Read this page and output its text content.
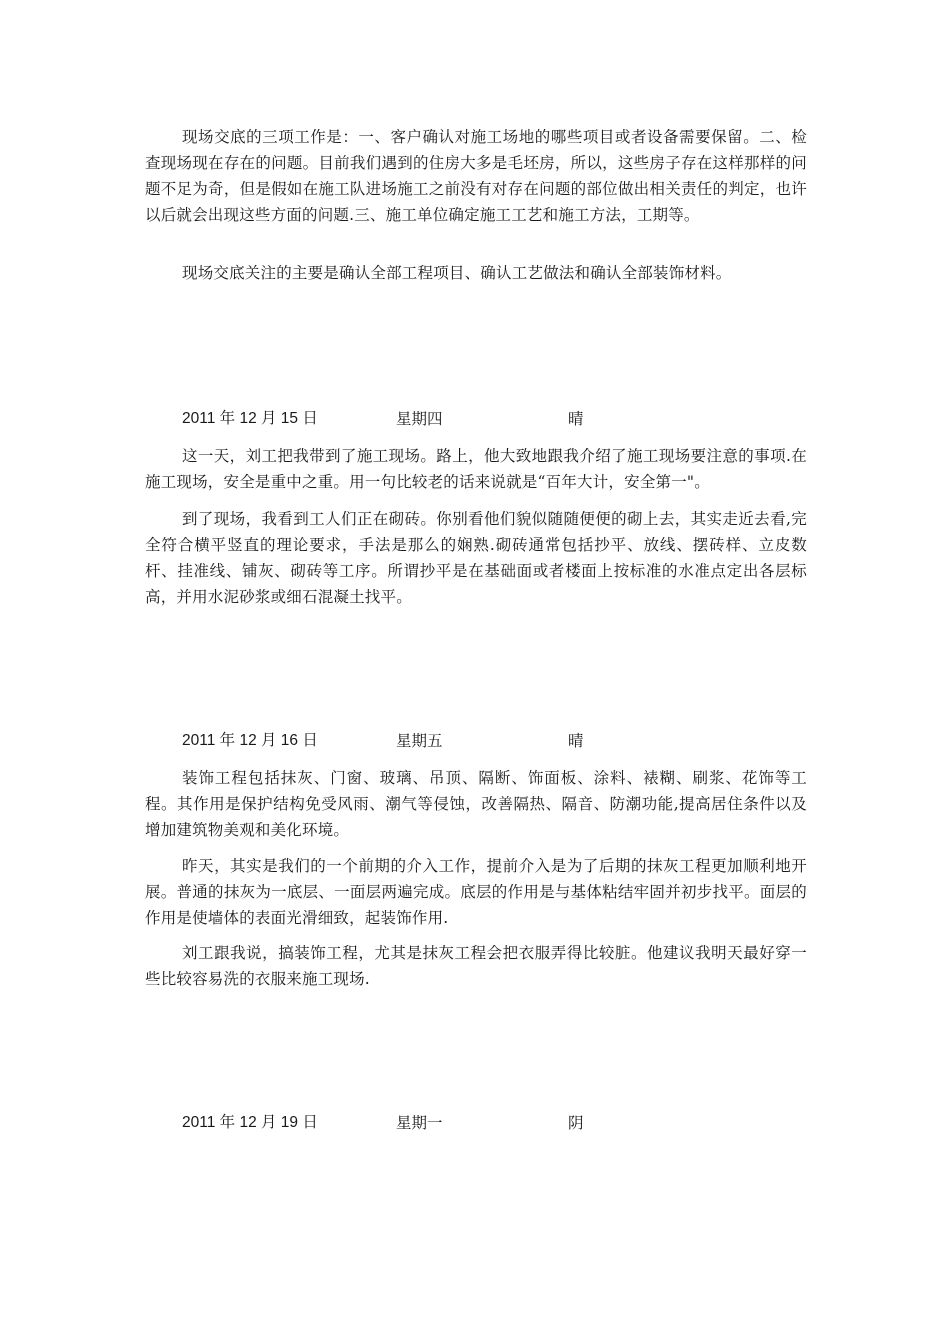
现场交底的三项工作是：一、客户确认对施工场地的哪些项目或者设备需要保留。二、检查现场现在存在的问题。目前我们遇到的住房大多是毛坯房，所以，这些房子存在这样那样的问题不足为奇，但是假如在施工队进场施工之前没有对存在问题的部位做出相关责任的判定，也许以后就会出现这些方面的问题.三、施工单位确定施工工艺和施工方法，工期等。

现场交底关注的主要是确认全部工程项目、确认工艺做法和确认全部装饰材料。

2011 年 12 月 15 日	星期四	晴

这一天，刘工把我带到了施工现场。路上，他大致地跟我介绍了施工现场要注意的事项.在施工现场，安全是重中之重。用一句比较老的话来说就是“百年大计，安全第一"。

到了现场，我看到工人们正在砌砖。你别看他们貌似随随便便的砌上去，其实走近去看,完全符合横平竖直的理论要求，手法是那么的娴熟.砌砖通常包括抄平、放线、摆砖样、立皮数杆、挂准线、铺灰、砌砖等工序。所谓抄平是在基础面或者楼面上按标准的水准点定出各层标高，并用水泥砂浆或细石混凝土找平。

2011 年 12 月 16 日	星期五	晴

装饰工程包括抹灰、门窗、玻璃、吊顶、隔断、饰面板、涂料、裱糊、刷浆、花饰等工程。其作用是保护结构免受风雨、潮气等侵蚀，改善隔热、隔音、防潮功能,提高居住条件以及增加建筑物美观和美化环境。

昨天，其实是我们的一个前期的介入工作，提前介入是为了后期的抹灰工程更加顺利地开展。普通的抹灰为一底层、一面层两遍完成。底层的作用是与基体粘结牢固并初步找平。面层的作用是使墙体的表面光滑细致，起装饰作用.

刘工跟我说，搞装饰工程，尤其是抹灰工程会把衣服弄得比较脏。他建议我明天最好穿一些比较容易洗的衣服来施工现场.

2011 年 12 月 19 日	星期一	阴
